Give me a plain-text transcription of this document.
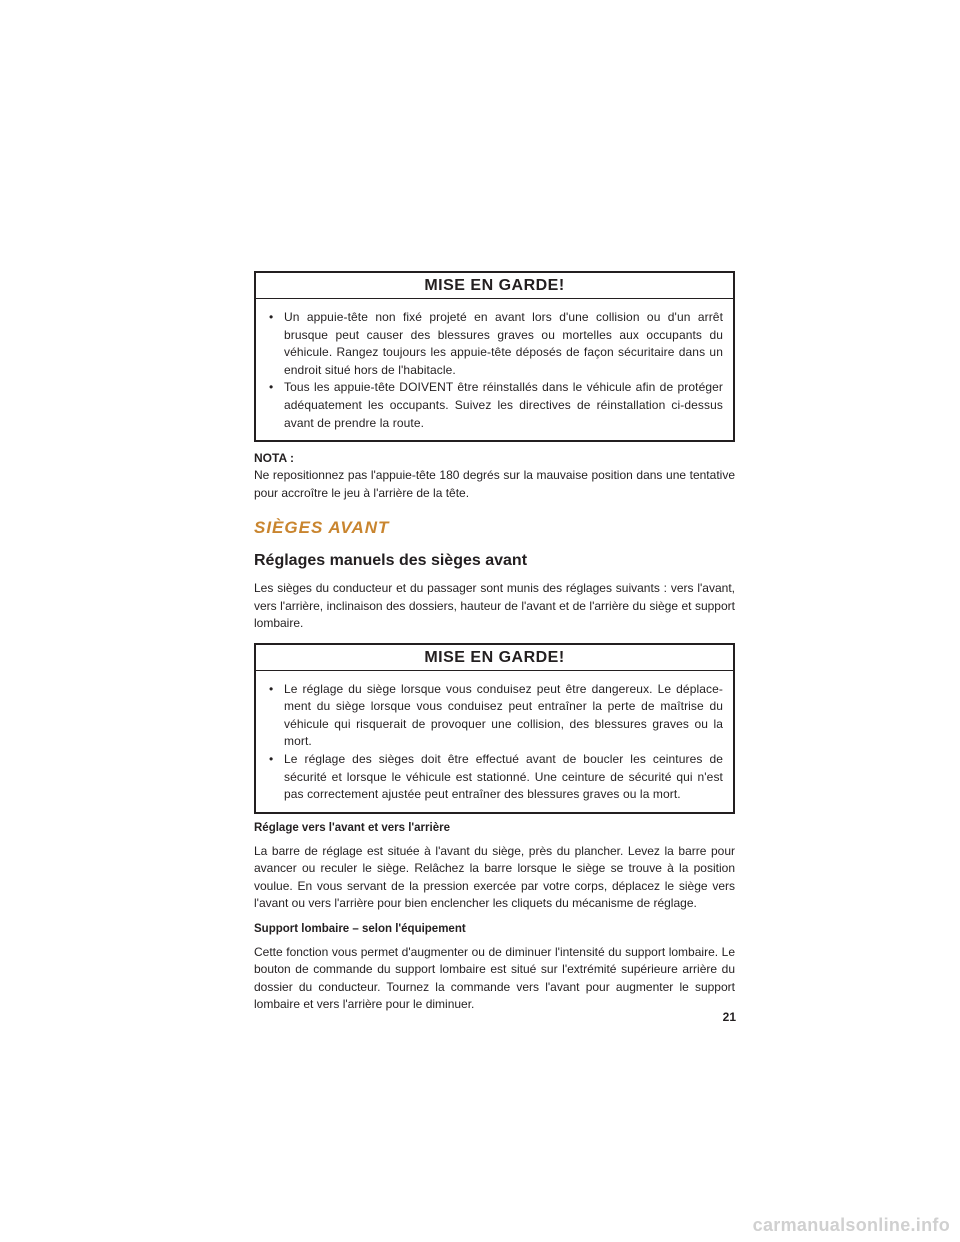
MISE EN GARDE!
• Un appuie-tête non fixé projeté en avant lors d'une collision ou d'un arrêt brusque peut causer des blessures graves ou mortelles aux occupants du véhicule. Rangez toujours les appuie-tête déposés de façon sécuritaire dans un endroit situé hors de l'habitacle.
• Tous les appuie-tête DOIVENT être réinstallés dans le véhicule afin de protéger adéquatement les occupants. Suivez les directives de réinstallation ci-dessus avant de prendre la route.
NOTA :

Ne repositionnez pas l'appuie-tête 180 degrés sur la mauvaise position dans une tentative pour accroître le jeu à l'arrière de la tête.

SIÈGES AVANT
Réglages manuels des sièges avant

Les sièges du conducteur et du passager sont munis des réglages suivants : vers l'avant, vers l'arrière, inclinaison des dossiers, hauteur de l'avant et de l'arrière du siège et support lombaire.

MISE EN GARDE!
• Le réglage du siège lorsque vous conduisez peut être dangereux. Le déplace-ment du siège lorsque vous conduisez peut entraîner la perte de maîtrise du véhicule qui risquerait de provoquer une collision, des blessures graves ou la mort.
• Le réglage des sièges doit être effectué avant de boucler les ceintures de sécurité et lorsque le véhicule est stationné. Une ceinture de sécurité qui n'est pas correctement ajustée peut entraîner des blessures graves ou la mort.
Réglage vers l'avant et vers l'arrière

La barre de réglage est située à l'avant du siège, près du plancher. Levez la barre pour avancer ou reculer le siège. Relâchez la barre lorsque le siège se trouve à la position voulue. En vous servant de la pression exercée par votre corps, déplacez le siège vers l'avant ou vers l'arrière pour bien enclencher les cliquets du mécanisme de réglage.

Support lombaire – selon l'équipement

Cette fonction vous permet d'augmenter ou de diminuer l'intensité du support lombaire. Le bouton de commande du support lombaire est situé sur l'extrémité supérieure arrière du dossier du conducteur. Tournez la commande vers l'avant pour augmenter le support lombaire et vers l'arrière pour le diminuer.

21
carmanualsonline.info
